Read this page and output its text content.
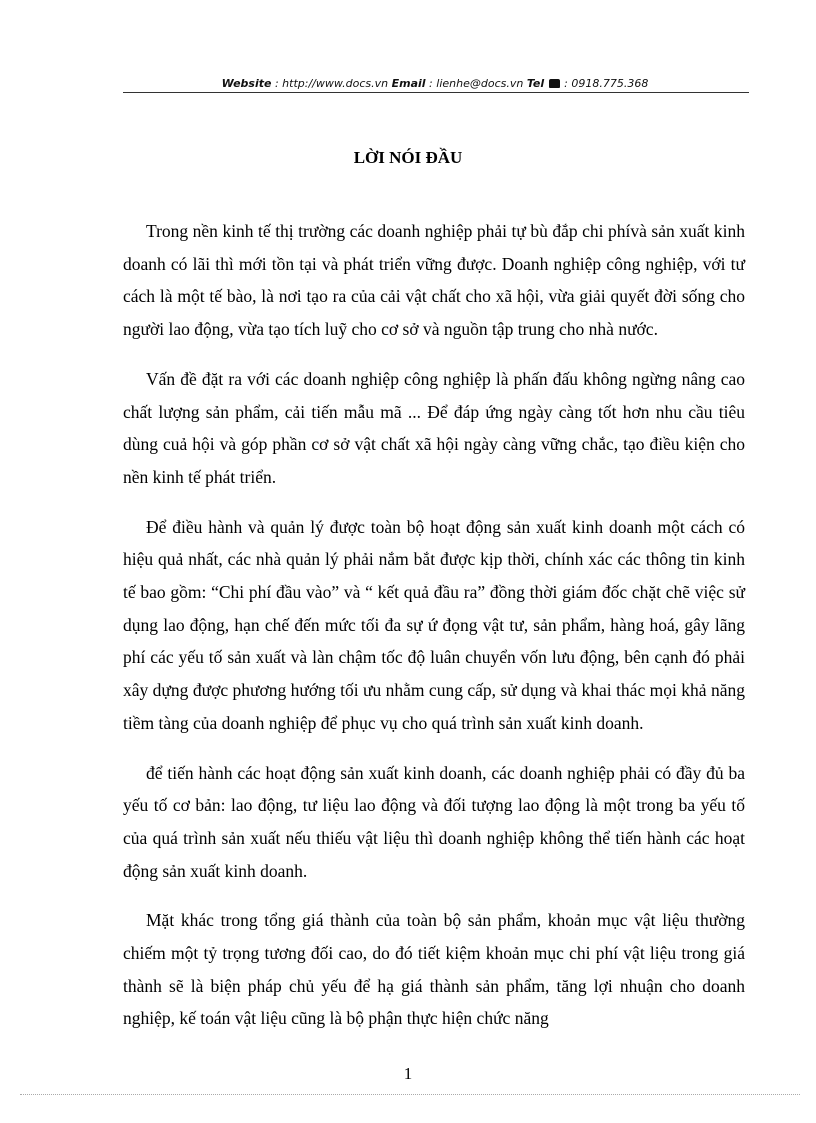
Website : http://www.docs.vn Email : lienhe@docs.vn Tel  : 0918.775.368
LỜI NÓI ĐẦU

Trong nền kinh tế thị trường các doanh nghiệp phải tự bù đắp chi phívà sản xuất kinh doanh có lãi thì mới tồn tại và phát triển vững được. Doanh nghiệp công nghiệp, với tư cách là một tế bào, là nơi tạo ra của cải vật chất cho xã hội, vừa giải quyết đời sống cho người lao động, vừa tạo tích luỹ cho cơ sở và nguồn tập trung cho nhà nước.

Vấn đề đặt ra với các doanh nghiệp công nghiệp là phấn đấu không ngừng nâng cao chất lượng sản phẩm, cải tiến mẫu mã ... Để đáp ứng ngày càng tốt hơn nhu cầu tiêu dùng cuả hội và góp phần cơ sở vật chất xã hội ngày càng vững chắc, tạo điều kiện cho nền kinh tế phát triển.

Để điều hành và quản lý được toàn bộ hoạt động sản xuất kinh doanh một cách có hiệu quả nhất, các nhà quản lý phải nắm bắt được kịp thời, chính xác các thông tin kinh tế bao gồm: “Chi phí đầu vào” và “ kết quả đầu ra” đồng thời giám đốc chặt chẽ việc sử dụng lao động, hạn chế đến mức tối đa sự ứ đọng vật tư, sản phẩm, hàng hoá, gây lãng phí các yếu tố sản xuất và làn chậm tốc độ luân chuyển vốn lưu động, bên cạnh đó phải xây dựng được phương hướng tối ưu nhằm cung cấp, sử dụng và khai thác mọi khả năng tiềm tàng của doanh nghiệp để phục vụ cho quá trình sản xuất kinh doanh.

để tiến hành các hoạt động sản xuất kinh doanh, các doanh nghiệp phải có đầy đủ ba yếu tố cơ bản: lao động, tư liệu lao động và đối tượng lao động là một trong ba yếu tố của quá trình sản xuất nếu thiếu vật liệu thì doanh nghiệp không thể tiến hành các hoạt động sản xuất kinh doanh.

Mặt khác trong tổng giá thành của toàn bộ sản phẩm, khoản mục vật liệu thường chiếm một tỷ trọng tương đối cao, do đó tiết kiệm khoản mục chi phí vật liệu trong giá thành sẽ là biện pháp chủ yếu để hạ giá thành sản phẩm, tăng lợi nhuận cho doanh nghiệp, kế toán vật liệu cũng là bộ phận thực hiện chức năng

1
